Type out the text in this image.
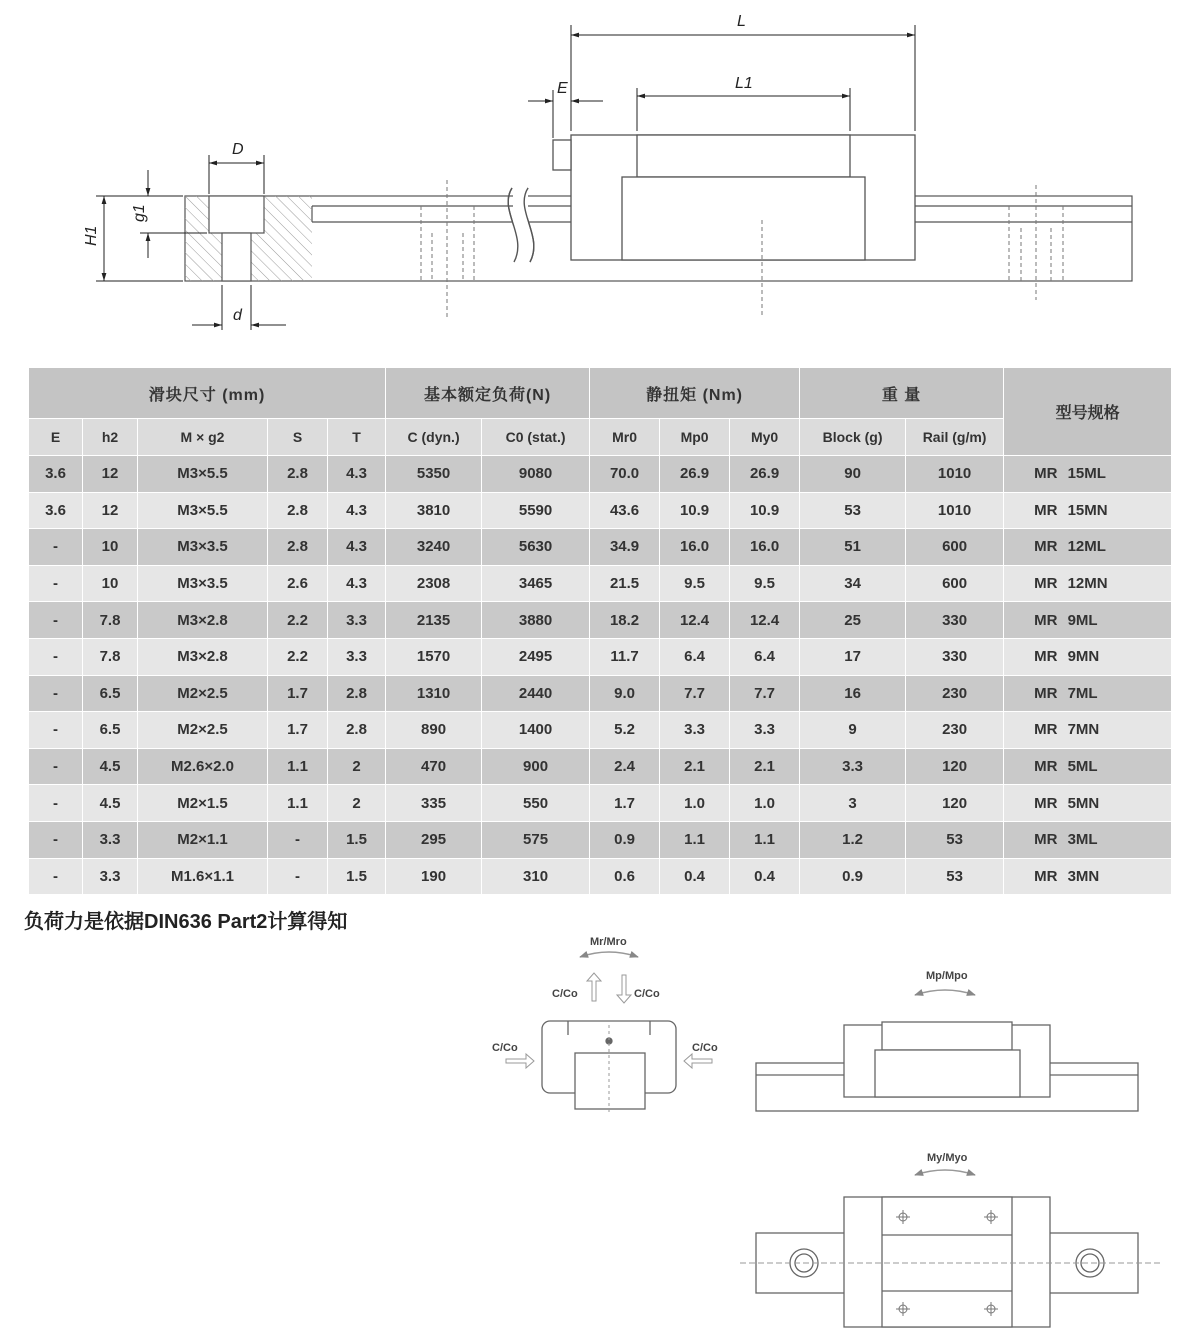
L
L1
E
D
d
H1
g1
滑块尺寸 (mm)					基本额定负荷(N)		静扭矩 (Nm)			重 量		型号规格
E	h2	M × g2	S	T	C (dyn.)	C0 (stat.)	Mr0	Mp0	My0	Block (g)	Rail (g/m)	
3.6	12	M3×5.5	2.8	4.3	5350	9080	70.0	26.9	26.9	90	1010	MR 15ML
3.6	12	M3×5.5	2.8	4.3	3810	5590	43.6	10.9	10.9	53	1010	MR 15MN
-	10	M3×3.5	2.8	4.3	3240	5630	34.9	16.0	16.0	51	600	MR 12ML
-	10	M3×3.5	2.6	4.3	2308	3465	21.5	9.5	9.5	34	600	MR 12MN
-	7.8	M3×2.8	2.2	3.3	2135	3880	18.2	12.4	12.4	25	330	MR 9ML
-	7.8	M3×2.8	2.2	3.3	1570	2495	11.7	6.4	6.4	17	330	MR 9MN
-	6.5	M2×2.5	1.7	2.8	1310	2440	9.0	7.7	7.7	16	230	MR 7ML
-	6.5	M2×2.5	1.7	2.8	890	1400	5.2	3.3	3.3	9	230	MR 7MN
-	4.5	M2.6×2.0	1.1	2	470	900	2.4	2.1	2.1	3.3	120	MR 5ML
-	4.5	M2×1.5	1.1	2	335	550	1.7	1.0	1.0	3	120	MR 5MN
-	3.3	M2×1.1	-	1.5	295	575	0.9	1.1	1.1	1.2	53	MR 3ML
-	3.3	M1.6×1.1	-	1.5	190	310	0.6	0.4	0.4	0.9	53	MR 3MN
负荷力是依据DIN636 Part2计算得知
Mr/Mro
C/Co	C/Co
C/Co	C/Co
Mp/Mpo
My/Myo
